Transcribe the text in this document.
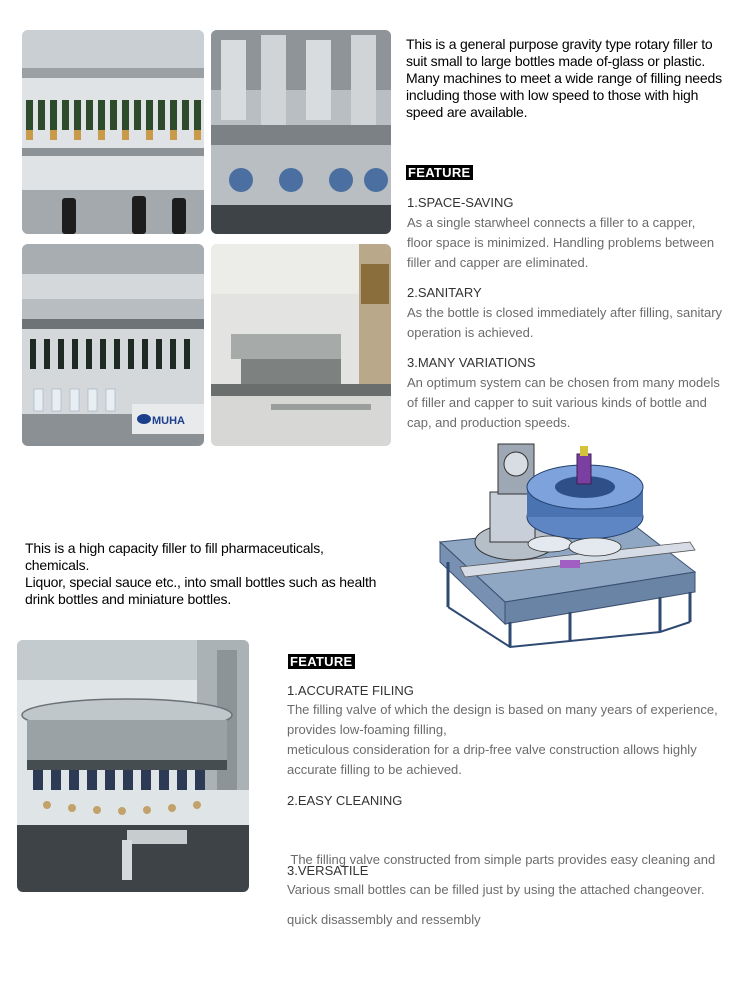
MUHA
This is a general purpose gravity type rotary filler to
suit small to large bottles made of-glass or plastic.
Many machines to meet a wide range of filling needs
including those with low speed to those with high
speed are available.
FEATURE
1.SPACE-SAVING
As a single starwheel connects a filler to a capper,
floor space is minimized. Handling problems between
filler and capper are eliminated.
2.SANITARY
As the bottle is closed immediately after filling, sanitary
operation is achieved.
3.MANY VARIATIONS
An optimum system can be chosen from many models
of filler and capper to suit various kinds of bottle and
cap, and production speeds.
This is a high capacity filler to fill pharmaceuticals,
chemicals.
Liquor, special sauce etc., into small bottles such as health
drink bottles and miniature bottles.
FEATURE
1.ACCURATE FILING
The filling valve of which the design is based on many years of experience,
provides low-foaming filling,
meticulous consideration for a drip-free valve construction allows highly
accurate filling to be achieved.
2.EASY CLEANING

The filling valve constructed from simple parts provides easy cleaning and

quick disassembly and ressembly

3.VERSATILE
Various small bottles can be filled just by using the attached changeover.
